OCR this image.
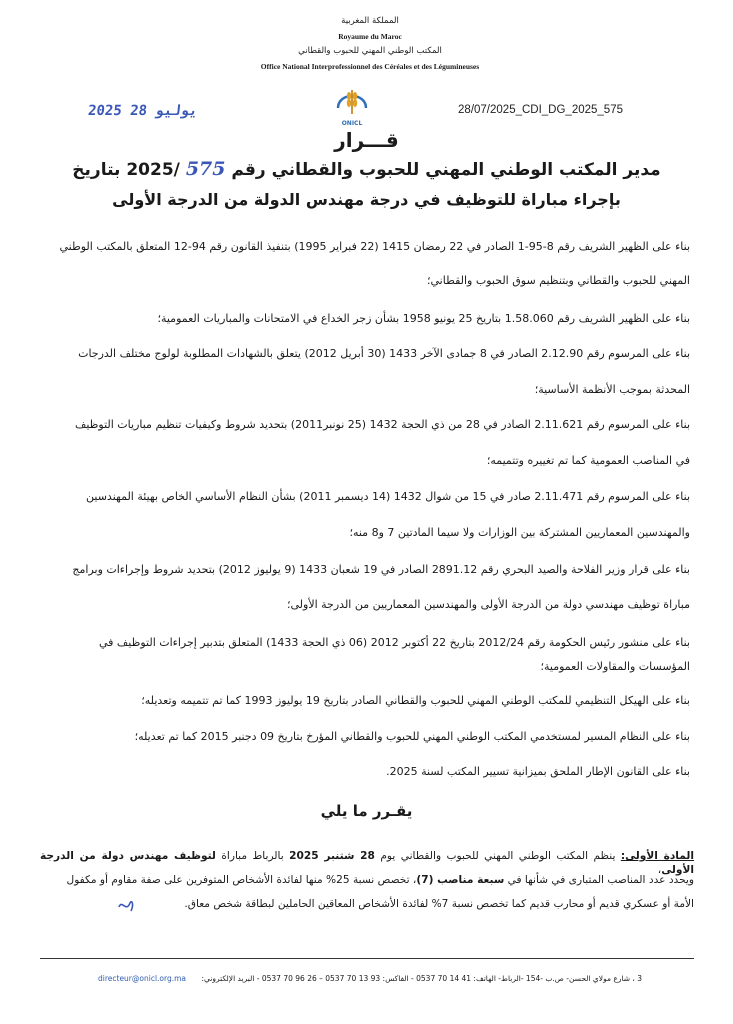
المملكة المغربية
Royaume du Maroc
المكتب الوطني المهني للحبوب والقطاني
Office National Interprofessionnel des Céréales et des Légumineuses
ONICL
2025 يوليو 28	28/07/2025_CDI_DG_2025_575
قـــرار
مدير المكتب الوطني المهني للحبوب والقطاني رقم 575 /2025 بتاريخ
بإجراء مباراة للتوظيف في درجة مهندس الدولة من الدرجة الأولى
بناء على الظهير الشريف رقم 8-95-1 الصادر في 22 رمضان 1415 (22 فبراير 1995) بتنفيذ القانون رقم 94-12 المتعلق بالمكتب الوطني
المهني للحبوب والقطاني وبتنظيم سوق الحبوب والقطاني؛
بناء على الظهير الشريف رقم 1.58.060 بتاريخ 25 يونيو 1958 بشأن زجر الخداع في الامتحانات والمباريات العمومية؛
بناء على المرسوم رقم 2.12.90 الصادر في 8 جمادى الآخر 1433 (30 أبريل 2012) يتعلق بالشهادات المطلوبة لولوج مختلف الدرجات
المحدثة بموجب الأنظمة الأساسية؛
بناء على المرسوم رقم 2.11.621 الصادر في 28 من ذي الحجة 1432 (25 نونبر2011) بتحديد شروط وكيفيات تنظيم مباريات التوظيف
في المناصب العمومية كما تم تغييره وتتميمه؛
بناء على المرسوم رقم 2.11.471 صادر في 15 من شوال 1432 (14 ديسمبر 2011) بشأن النظام الأساسي الخاص بهيئة المهندسين
والمهندسين المعماريين المشتركة بين الوزارات ولا سيما المادتين 7 و8 منه؛
بناء على قرار وزير الفلاحة والصيد البحري رقم 2891.12 الصادر في 19 شعبان 1433 (9 يوليوز 2012) بتحديد شروط وإجراءات وبرامج
مباراة توظيف مهندسي دولة من الدرجة الأولى والمهندسين المعماريين من الدرجة الأولى؛
بناء على منشور رئيس الحكومة رقم 2012/24 بتاريخ 22 أكتوبر 2012 (06 ذي الحجة 1433) المتعلق بتدبير إجراءات التوظيف في
المؤسسات والمقاولات العمومية؛
بناء على الهيكل التنظيمي للمكتب الوطني المهني للحبوب والقطاني الصادر بتاريخ 19 يوليوز 1993 كما تم تتميمه وتعديله؛
بناء على النظام المسير لمستخدمي المكتب الوطني المهني للحبوب والقطاني المؤرخ بتاريخ 09 دجنبر 2015 كما تم تعديله؛
بناء على القانون الإطار الملحق بميزانية تسيير المكتب لسنة 2025.
يقـرر ما يلي
المادة الأولى: ينظم المكتب الوطني المهني للحبوب والقطاني يوم 28 شتنبر 2025 بالرباط مباراة لتوظيف مهندس دولة من الدرجة الأولى،
ويحدد عدد المناصب المتبارى في شأنها في سبعة مناصب (7)، تخصص نسبة 25% منها لفائدة الأشخاص المتوفرين على صفة مقاوم أو مكفول
الأمة أو عسكري قديم أو محارب قديم كما تخصص نسبة 7% لفائدة الأشخاص المعاقين الحاملين لبطاقة شخص معاق.
directeur@onicl.org.ma 3 ، شارع مولاي الحسن- ص.ب -154 -الرباط- الهاتف: 41 14 70 0537 - الفاكس: 93 13 70 0537 – 26 96 70 0537 - البريد الإلكتروني:
